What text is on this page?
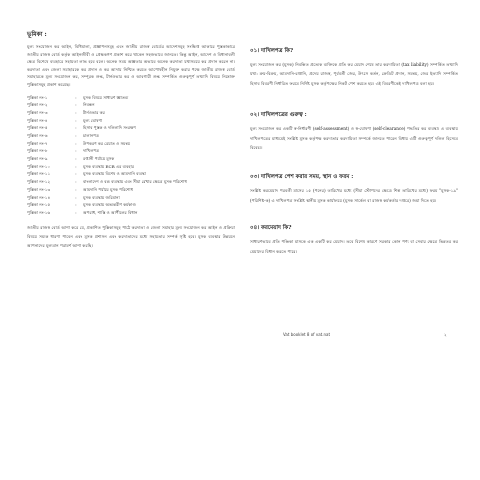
ভূমিকা :

মূল্য সংযোজন কর আইন, বিধিমালা, প্রজ্ঞাপনসমূহ এবং জাতীয় রাজস্ব বোর্ডের আদেশসমূহ সংক্ষিপ্ত আকারে পুস্তকাকারে জাতীয় রাজস্ব বোর্ড কর্তৃক আইনজীবী ও প্রেক্ষকগণ প্রকাশ করে থাকেন সহজভাবে জানতে। কিন্তু আইন, আদেশ ও বিধানাবলী ক্ষেত্র বিশেষে ব্যবহারে সহায়তা লাভ হবে বলে। অনেক সময় অজ্ঞতার অভাবে অনেক করদাতা যথাসময়ে কর প্রদান করেন না। করদাতা এবং জেলা সমাহারকে কর প্রদান ও কর আদায় নিশ্চিত করতে আপোষহীন নিযুক্ত করার পক্ষে জাতীয় রাজস্ব বোর্ড সমাহারকে মূল্য সংযোজন কর, সম্পূরক শুল্ক, টার্নওভার কর ও আবগারী শুল্ক সম্পর্কিত গুরুত্বপূর্ণ তথ্যাদি বিষয়ে নিম্নোক্ত পুস্তিকাসমূহ প্রকাশ করেছে।

পুস্তিকা নং-১	:	মূসক বিষয়ে সাধারণ জ্ঞাতব্য
পুস্তিকা নং-২	:	নিবন্ধন
পুস্তিকা নং-৩	:	টার্নওভার কর
পুস্তিকা নং-৪	:	মূল্য ঘোষণা
পুস্তিকা নং-৫	:	হিসাব পুস্তক ও দলিলাদি সংরক্ষণ
পুস্তিকা নং-৬	:	চালানপত্র
পুস্তিকা নং-৭	:	উপকরণ কর রেয়াত ও সমন্বয়
পুস্তিকা নং-৮	:	দাখিলপত্র
পুস্তিকা নং-৯	:	রপ্তানী পর্যায়ে মূসক
পুস্তিকা নং-১০	:	মূসক ব্যবস্থায় ECR এর ব্যবহার
পুস্তিকা নং-১১	:	মূসক ব্যবস্থায় বিশেষ ও আমদানি ব্যবস্থা
পুস্তিকা নং-১২	:	বাংলাদেশ ও বন্ড ব্যবস্থায় এবং সীমা রেখার ক্ষেত্রে মূসক পরিশোধ
পুস্তিকা নং-১৩	:	আমদানি পর্যায়ে মূসক পরিশোধ
পুস্তিকা নং-১৪	:	মূসক ব্যবস্থায় জরিমানা
পুস্তিকা নং-১৫	:	মূসক ব্যবস্থায় অভ্যন্তরীণ কর্মকাণ্ড
পুস্তিকা নং-১৬	:	অপরাধ, শাস্তি ও আপীলের বিধান

জাতীয় রাজস্ব বোর্ড আশা করে যে, প্রকাশিত পুস্তিকাসমূহ পাঠে করদাতা ও জেলা সমাহার মূল্য সংযোজন কর আইন ও প্রক্রিয়া বিষয়ে সম্যক ধারণা পাবেন এবং মূসক প্রশাসন এবং করদাতাদের মধ্যে সহায়তার সম্পর্ক সৃষ্টি হবে। মূসক ব্যবস্থার উন্নয়নে আপনাদের মূল্যবান পরামর্শ আশা করছি।

০১। দাখিলপত্র কি?

মূল্য সংযোজন কর (মূসক) নিবন্ধিত প্রত্যেক ব্যক্তিকে প্রতি কর মেয়াদ শেষে তার করদায়িতা (tax liability) সম্পর্কিত তথ্যাদি যথা: ক্রয়-বিক্রয়, আমদানি-রপ্তানি, প্রদেয় রাজস্ব, পূর্ববর্তী জের, উৎসে কর্তন, ক্রেডিট প্রদান, সমন্বয়, জের ইত্যাদি সম্পর্কিত হিসাব বিবরণী নির্ধারিত ফরমে নির্দিষ্ট মূসক কর্তৃপক্ষের নিকট পেশ করতে হয়। এই বিবরণীকেই দাখিলপত্র বলা হয়।

০২। দাখিলপত্রের গুরুত্ব :

মূল্য সংযোজন কর একটি স্ব-নির্ধারণী (self-assessment) ও স্ব-ঘোষণা (self-clearance) পদ্ধতির কর ব্যবস্থা। এ ব্যবস্থায় দাখিলপত্রের মাধ্যমেই সংশ্লিষ্ট মূসক কর্তৃপক্ষ করদাতার করদায়িতা সম্পর্কে জানতে পারেন বিধায় এটি গুরুত্বপূর্ণ দলিল হিসেবে বিবেচ্য।

০৩। দাখিলপত্র পেশ করার সময়, স্থান ও ফরম :

সংশ্লিষ্ট করমেয়াদ পরবর্তী মাসের ১৫ (পনের) তারিখের মধ্যে (সীমা স্টোপদের ক্ষেত্রে শিল্প তারিখের মধ্যে) ফরম "মূসক-১৯" (পরিশিষ্ট-ক) এ দাখিলপত্র সংশ্লিষ্ট স্থানীয় মূসক কার্যালয়ে (মূসক সার্কেল বা রাজস্ব কর্মকর্তার দপ্তরে) জমা দিতে হয়।

০৪। করমেয়াদ কি?

সাধারণভাবে প্রতি পঞ্জিকা মাসকে এক একটি কর মেয়াদ। তবে বিশেষ কারণে সরকার কোন পণ্য বা সেবার ক্ষেত্রে ভিন্নতর কর মেয়াদের বিধান করতে পারে।

Vat booklet 8 of vat.nat	২
